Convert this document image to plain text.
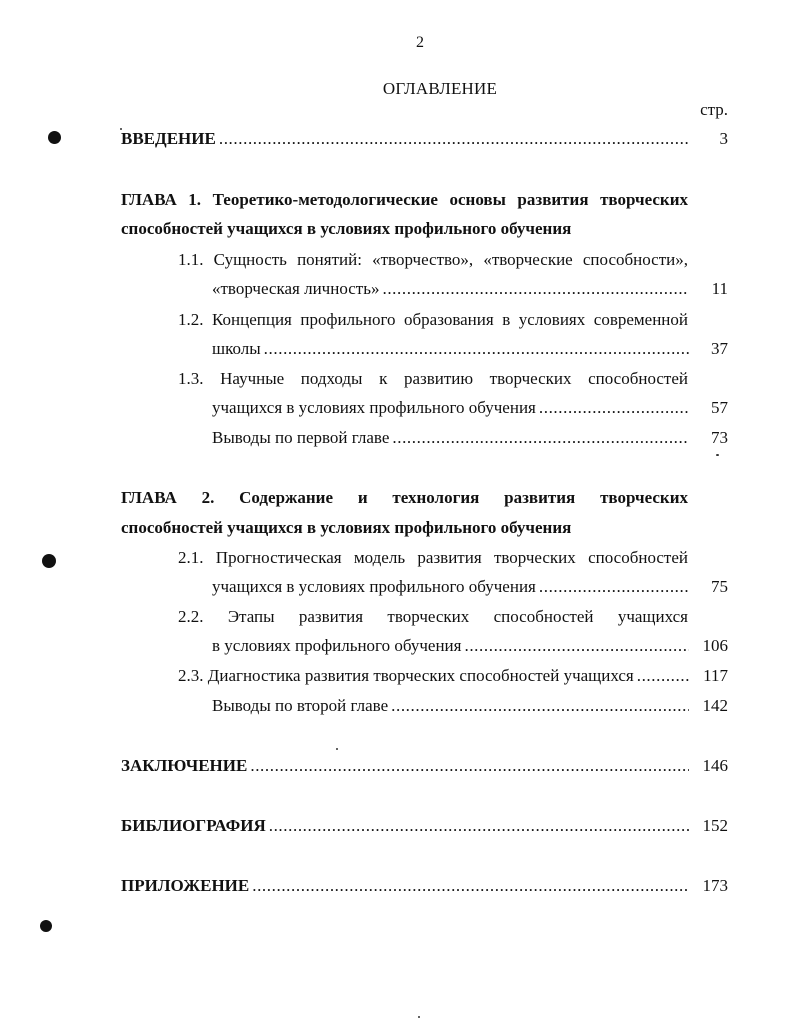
2
ОГЛАВЛЕНИЕ
стр.
ВВЕДЕНИЕ .....	3
ГЛАВА 1. Теоретико-методологические основы развития творческих
способностей учащихся в условиях профильного обучения
1.1. Сущность понятий: «творчество», «творческие способности»,
«творческая личность» .....	11
1.2. Концепция профильного образования в условиях современной
школы .....	37
1.3. Научные подходы к развитию творческих способностей
учащихся в условиях профильного обучения .....	57
Выводы по первой главе .....	73
ГЛАВА 2. Содержание и технология развития творческих
способностей учащихся в условиях профильного обучения
2.1. Прогностическая модель развития творческих способностей
учащихся в условиях профильного обучения .....	75
2.2. Этапы развития творческих способностей учащихся
в условиях профильного обучения .....	106
2.3. Диагностика развития творческих способностей учащихся .....	117
Выводы по второй главе .....	142
ЗАКЛЮЧЕНИЕ .....	146
БИБЛИОГРАФИЯ .....	152
ПРИЛОЖЕНИЕ .....	173
